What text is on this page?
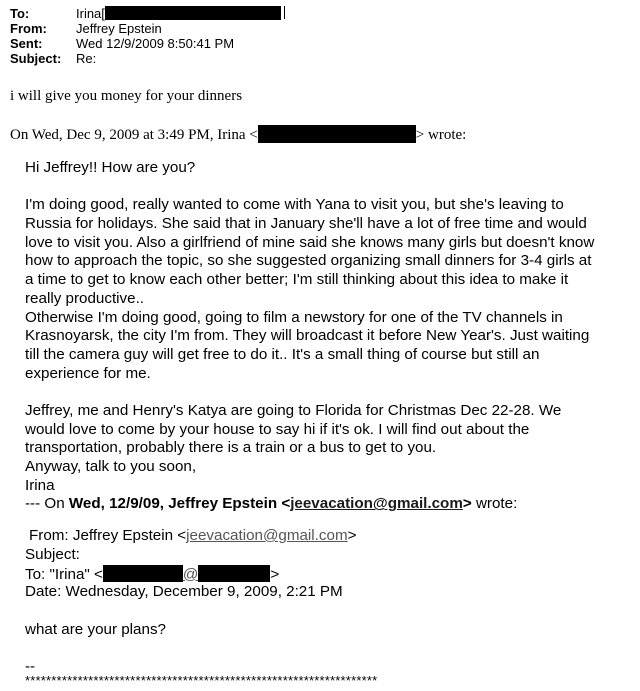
To:	Irina[
From:	Jeffrey Epstein
Sent:	Wed 12/9/2009 8:50:41 PM
Subject:	Re:
i will give you money for your dinners
On Wed, Dec 9, 2009 at 3:49 PM, Irina <	> wrote:
Hi Jeffrey!! How are you?
I'm doing good, really wanted to come with Yana to visit you, but she's leaving to
Russia for holidays. She said that in January she'll have a lot of free time and would
love to visit you. Also a girlfriend of mine said she knows many girls but doesn't know
how to approach the topic, so she suggested organizing small dinners for 3-4 girls at
a time to get to know each other better; I'm still thinking about this idea to make it
really productive..
Otherwise I'm doing good, going to film a newstory for one of the TV channels in
Krasnoyarsk, the city I'm from. They will broadcast it before New Year's. Just waiting
till the camera guy will get free to do it.. It's a small thing of course but still an
experience for me.
Jeffrey, me and Henry's Katya are going to Florida for Christmas Dec 22-28. We
would love to come by your house to say hi if it's ok. I will find out about the
transportation, probably there is a train or a bus to get to you.
Anyway, talk to you soon,
Irina
--- On Wed, 12/9/09, Jeffrey Epstein <jeevacation@gmail.com> wrote:
From: Jeffrey Epstein <jeevacation@gmail.com>
Subject:
To: "Irina" <	@	>
Date: Wednesday, December 9, 2009, 2:21 PM
what are your plans?
--
*******************************************************************
